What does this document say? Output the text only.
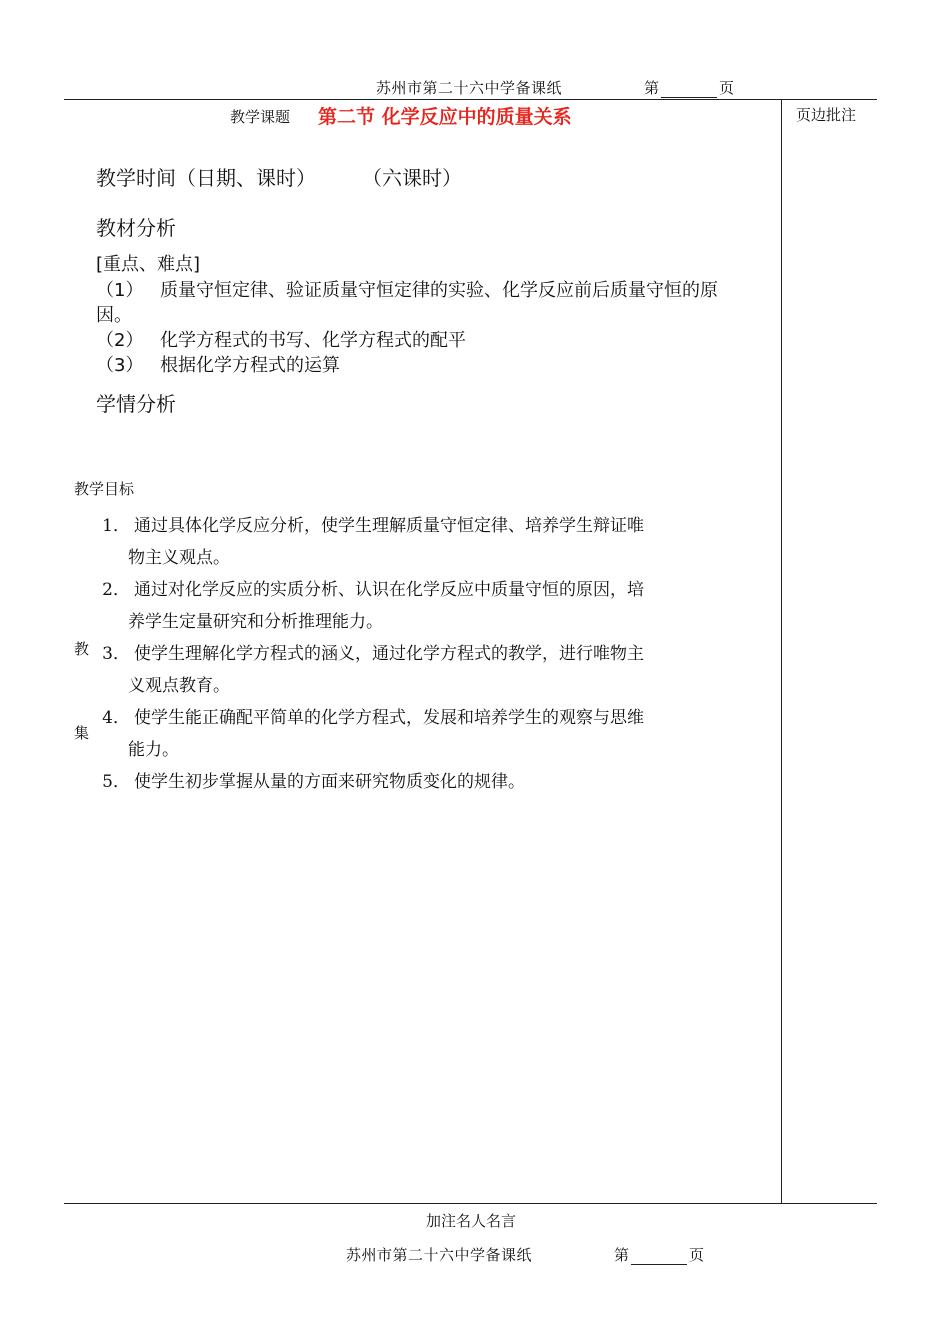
苏州市第二十六中学备课纸	第	页
教学课题 第二节 化学反应中的质量关系	页边批注
教学时间（日期、课时） （六课时）
教材分析
[重点、难点]
（1） 质量守恒定律、验证质量守恒定律的实验、化学反应前后质量守恒的原
因。
（2） 化学方程式的书写、化学方程式的配平
（3） 根据化学方程式的运算
学情分析
教学目标
教
集
1． 通过具体化学反应分析，使学生理解质量守恒定律、培养学生辩证唯
物主义观点。
2． 通过对化学反应的实质分析、认识在化学反应中质量守恒的原因，培
养学生定量研究和分析推理能力。
3． 使学生理解化学方程式的涵义，通过化学方程式的教学，进行唯物主
义观点教育。
4． 使学生能正确配平简单的化学方程式，发展和培养学生的观察与思维
能力。
5． 使学生初步掌握从量的方面来研究物质变化的规律。
加注名人名言
苏州市第二十六中学备课纸	第	页
